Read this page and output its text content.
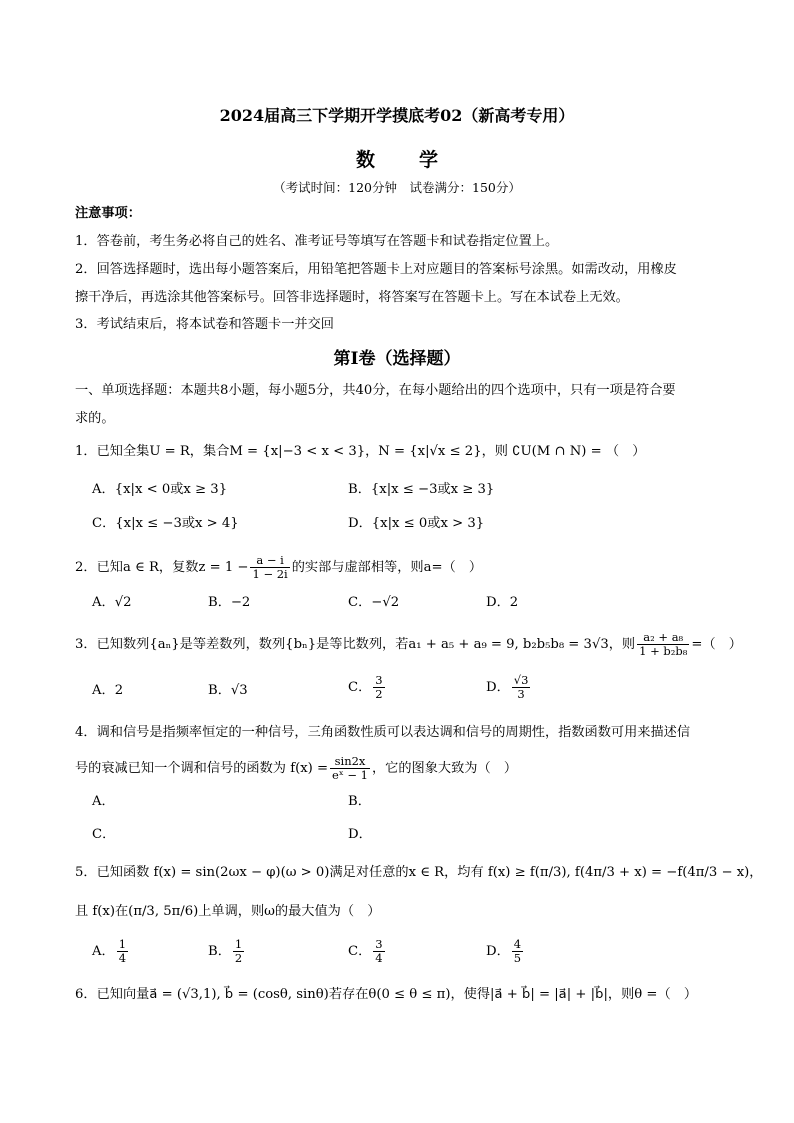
2024届高三下学期开学摸底考02（新高考专用）
数 学
（考试时间：120分钟　试卷满分：150分）
注意事项：
1．答卷前，考生务必将自己的姓名、准考证号等填写在答题卡和试卷指定位置上。
2．回答选择题时，选出每小题答案后，用铅笔把答题卡上对应题目的答案标号涂黑。如需改动，用橡皮
擦干净后，再选涂其他答案标号。回答非选择题时，将答案写在答题卡上。写在本试卷上无效。
3．考试结束后，将本试卷和答题卡一并交回
第I卷（选择题）
一、单项选择题：本题共8小题，每小题5分，共40分，在每小题给出的四个选项中，只有一项是符合要
求的。
1．已知全集U = R，集合M = {x|−3 < x < 3}，N = {x|√x ≤ 2}，则 ∁U(M ∩ N) = （　）
A．{x|x < 0或x ≥ 3}	B．{x|x ≤ −3或x ≥ 3}
C．{x|x ≤ −3或x > 4}	D．{x|x ≤ 0或x > 3}
2．已知a ∈ R，复数$z = 1 - \frac{a - i}{1 - 2i}$ 的实部与虚部相等，则a=（　）
A．√2	B．−2	C．−√2	D．2
3．已知数列{aₙ}是等差数列，数列{bₙ}是等比数列，若a₁ + a₅ + a₉ = 9, b₂b₅b₈ = 3√3，则 $\frac{\text{a₂ + a₈}}{\text{1 + b₂b₈}}$ =（　）
A．2	B．√3	C． $\frac{3}{2}$	D． $\frac{√3}{3}$
4．调和信号是指频率恒定的一种信号，三角函数性质可以表达调和信号的周期性，指数函数可用来描述信
号的衰减已知一个调和信号的函数为 $f(x) = \frac{\sin 2x}{\text{eˣ − 1}}$ ，它的图象大致为（　）
A．	B．
C．	D．
5．已知函数 f(x) = sin(2ωx − φ)(ω > 0)满足对任意的x ∈ R，均有 f(x) ≥ f(π/3), f(4π/3 + x) = −f(4π/3 − x)，
且 f(x)在(π/3, 5π/6)上单调，则ω的最大值为（　）
A． $\frac{1}{4}$	B． $\frac{1}{2}$	C． $\frac{3}{4}$	D． $\frac{4}{5}$
6．已知向量a⃗ = (√3,1), b⃗ = (cosθ, sinθ)若存在θ(0 ≤ θ ≤ π)，使得|a⃗ + b⃗| = |a⃗| + |b⃗|，则θ =（　）
